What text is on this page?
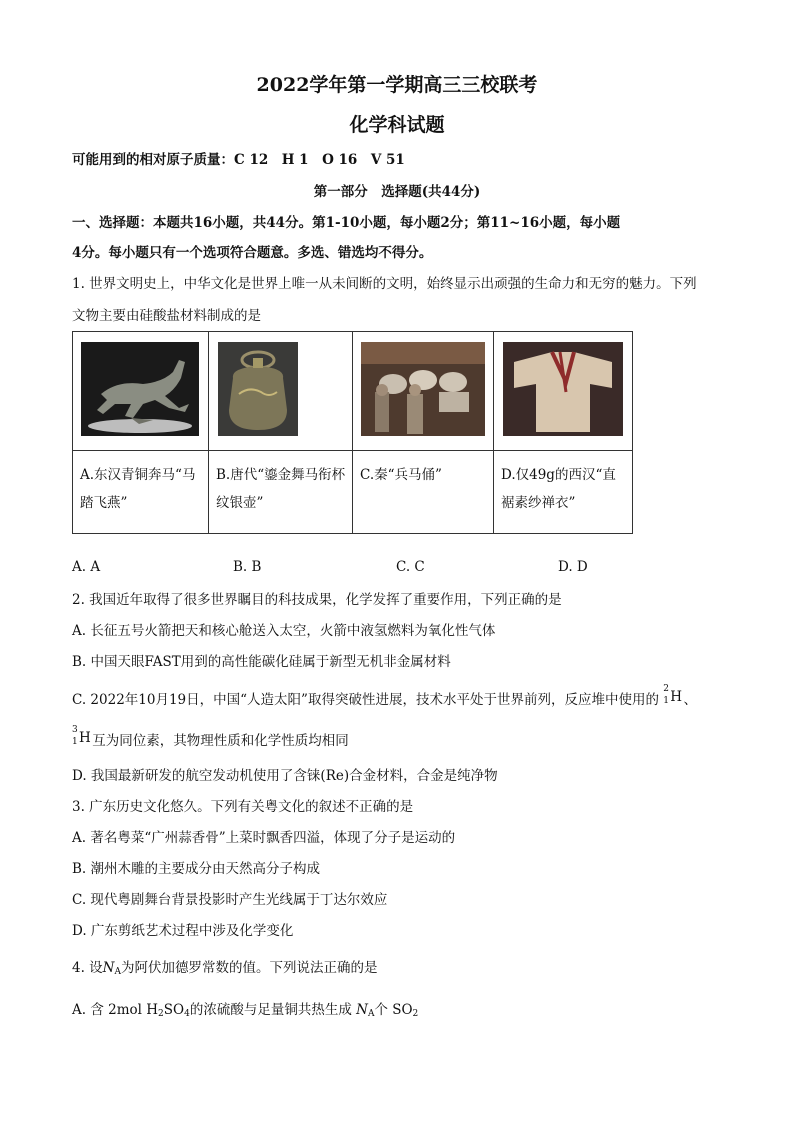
2022学年第一学期高三三校联考
化学科试题
可能用到的相对原子质量：C 12　H 1　O 16　V 51
第一部分　选择题(共44分)
一、选择题：本题共16小题，共44分。第1-10小题，每小题2分；第11~16小题，每小题
4分。每小题只有一个选项符合题意。多选、错选均不得分。
1. 世界文明史上，中华文化是世界上唯一从未间断的文明，始终显示出顽强的生命力和无穷的魅力。下列
文物主要由硅酸盐材料制成的是

A.东汉青铜奔马“马
踏飞燕”	B.唐代“鎏金舞马衔杯
纹银壶”	C.秦“兵马俑”	D.仅49g的西汉“直
裾素纱禅衣”
A. A	B. B	C. C	D. D
2. 我国近年取得了很多世界瞩目的科技成果，化学发挥了重要作用，下列正确的是
A. 长征五号火箭把天和核心舱送入太空，火箭中液氢燃料为氧化性气体
B. 中国天眼FAST用到的高性能碳化硅属于新型无机非金属材料
C. 2022年10月19日，中国“人造太阳”取得突破性进展，技术水平处于世界前列，反应堆中使用的
2
1 H 、
3
1 H 互为同位素，其物理性质和化学性质均相同
D. 我国最新研发的航空发动机使用了含铼(Re)合金材料，合金是纯净物
3. 广东历史文化悠久。下列有关粤文化的叙述不正确的是
A. 著名粤菜“广州蒜香骨”上菜时飘香四溢，体现了分子是运动的
B. 潮州木雕的主要成分由天然高分子构成
C. 现代粤剧舞台背景投影时产生光线属于丁达尔效应
D. 广东剪纸艺术过程中涉及化学变化
4. 设$N_A$为阿伏加德罗常数的值。下列说法正确的是
A. 含 2mol $H_2SO_4$的浓硫酸与足量铜共热生成 $N_A$个 $SO_2$
